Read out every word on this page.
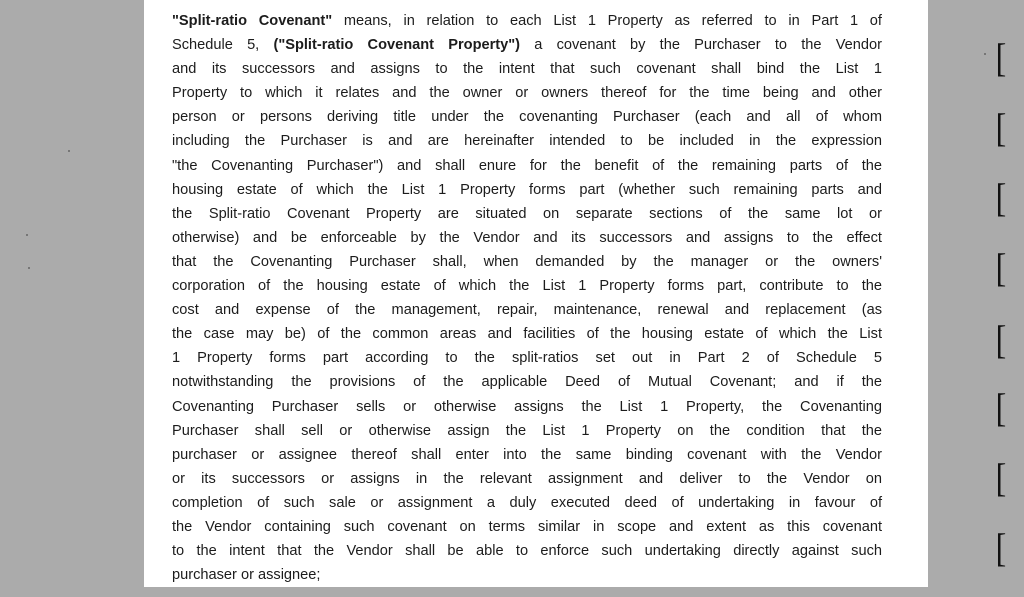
"Split-ratio Covenant" means, in relation to each List 1 Property as referred to in Part 1 of
Schedule 5, ("Split-ratio Covenant Property") a covenant by the Purchaser to the Vendor
and its successors and assigns to the intent that such covenant shall bind the List 1
Property to which it relates and the owner or owners thereof for the time being and other
person or persons deriving title under the covenanting Purchaser (each and all of whom
including the Purchaser is and are hereinafter intended to be included in the expression
"the Covenanting Purchaser") and shall enure for the benefit of the remaining parts of the
housing estate of which the List 1 Property forms part (whether such remaining parts and
the Split-ratio Covenant Property are situated on separate sections of the same lot or
otherwise) and be enforceable by the Vendor and its successors and assigns to the effect
that the Covenanting Purchaser shall, when demanded by the manager or the owners'
corporation of the housing estate of which the List 1 Property forms part, contribute to the
cost and expense of the management, repair, maintenance, renewal and replacement (as
the case may be) of the common areas and facilities of the housing estate of which the List
1 Property forms part according to the split-ratios set out in Part 2 of Schedule 5
notwithstanding the provisions of the applicable Deed of Mutual Covenant; and if the
Covenanting Purchaser sells or otherwise assigns the List 1 Property, the Covenanting
Purchaser shall sell or otherwise assign the List 1 Property on the condition that the
purchaser or assignee thereof shall enter into the same binding covenant with the Vendor
or its successors or assigns in the relevant assignment and deliver to the Vendor on
completion of such sale or assignment a duly executed deed of undertaking in favour of
the Vendor containing such covenant on terms similar in scope and extent as this covenant
to the intent that the Vendor shall be able to enforce such undertaking directly against such
purchaser or assignee;
[
[
[
[
[
[
[
[
